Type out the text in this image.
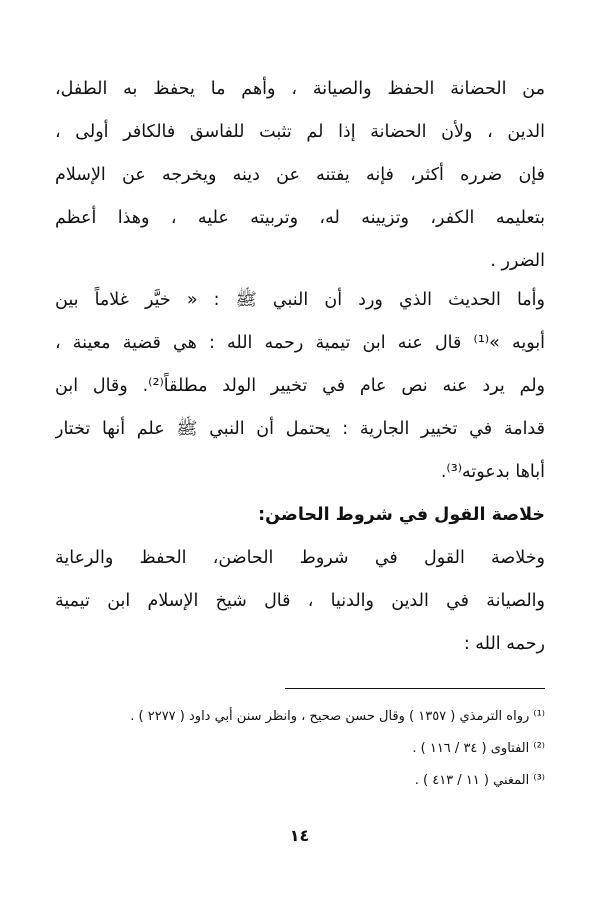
من الحضانة الحفظ والصيانة ، وأهم ما يحفظ به الطفل،
الدين ، ولأن الحضانة إذا لم تثبت للفاسق فالكافر أولى ،
فإن ضرره أكثر، فإنه يفتنه عن دينه ويخرجه عن الإسلام
بتعليمه الكفر، وتزيينه له، وتربيته عليه ، وهذا أعظم
الضرر .
وأما الحديث الذي ورد أن النبي ﷺ : « خيَّر غلاماً بين
أبويه »⁽¹⁾ قال عنه ابن تيمية رحمه الله : هي قضية معينة ،
ولم يرد عنه نص عام في تخيير الولد مطلقاً⁽²⁾. وقال ابن
قدامة في تخيير الجارية : يحتمل أن النبي ﷺ علم أنها تختار
أباها بدعوته⁽³⁾.
خلاصة القول في شروط الحاضن:
وخلاصة القول في شروط الحاضن، الحفظ والرعاية
والصيانة في الدين والدنيا ، قال شيخ الإسلام ابن تيمية
رحمه الله :
⁽¹⁾ رواه الترمذي ( ١٣٥٧ ) وقال حسن صحيح ، وانظر سنن أبي داود ( ٢٢٧٧ ) .
⁽²⁾ الفتاوى ( ٣٤ / ١١٦ ) .
⁽³⁾ المغني ( ١١ / ٤١٣ ) .
١٤
